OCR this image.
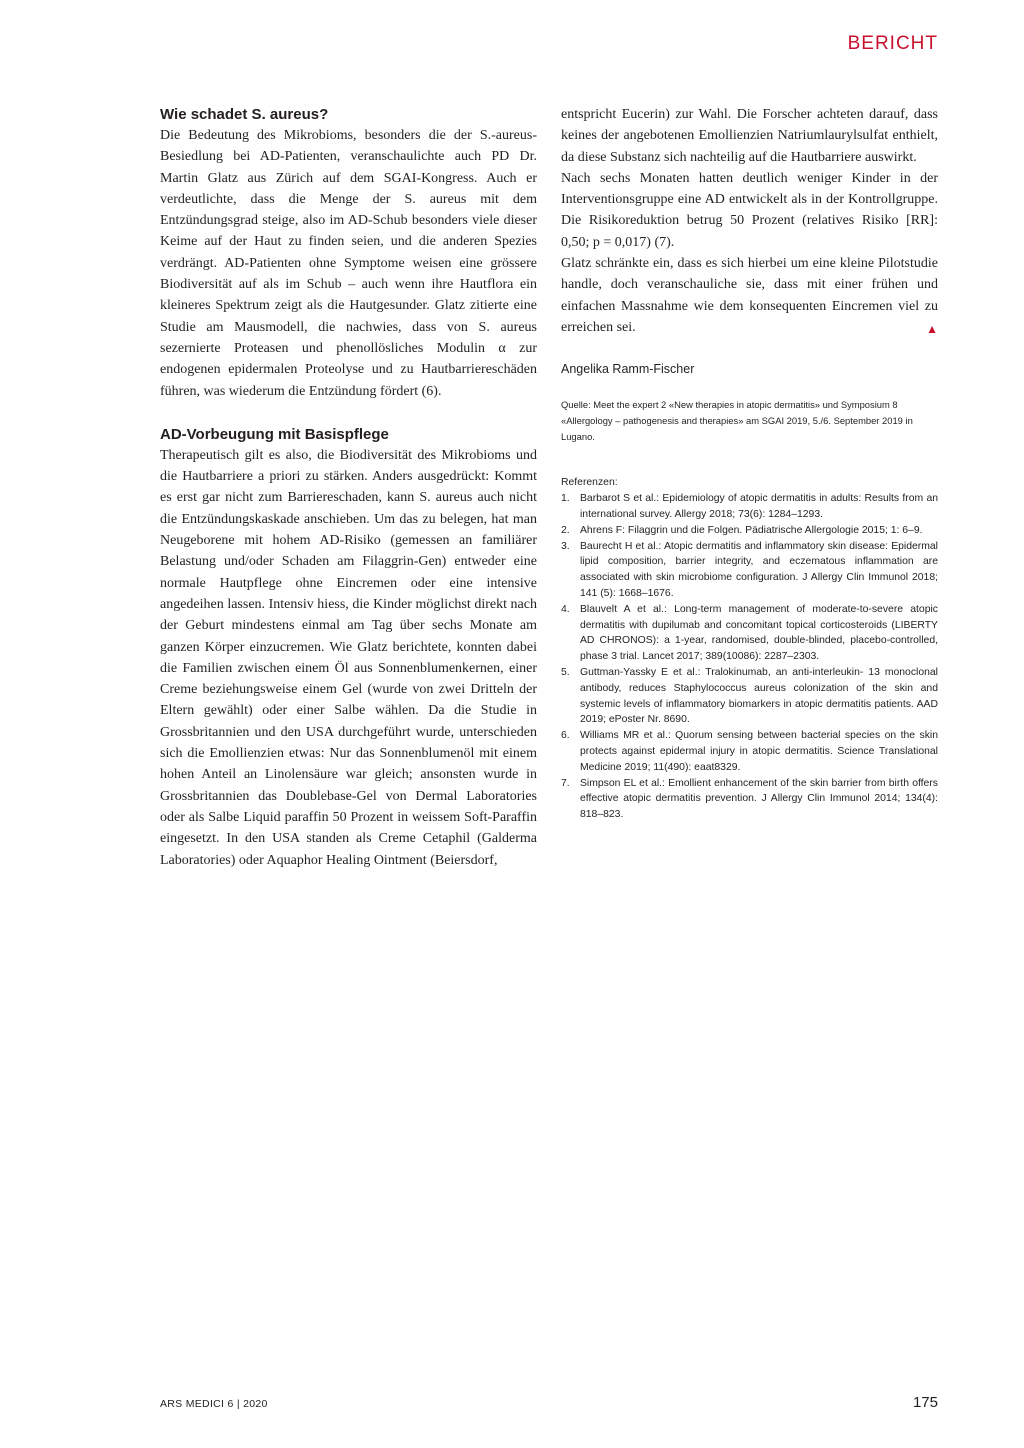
BERICHT
Wie schadet S. aureus?

Die Bedeutung des Mikrobioms, besonders die der S.-aureus-Besiedlung bei AD-Patienten, veranschaulichte auch PD Dr. Martin Glatz aus Zürich auf dem SGAI-Kongress. Auch er verdeutlichte, dass die Menge der S. aureus mit dem Entzündungsgrad steige, also im AD-Schub besonders viele dieser Keime auf der Haut zu finden seien, und die anderen Spezies verdrängt. AD-Patienten ohne Symptome weisen eine grössere Biodiversität auf als im Schub – auch wenn ihre Hautflora ein kleineres Spektrum zeigt als die Hautgesunder. Glatz zitierte eine Studie am Mausmodell, die nachwies, dass von S. aureus sezernierte Proteasen und phenollösliches Modulin α zur endogenen epidermalen Proteolyse und zu Hautbarriereschäden führen, was wiederum die Entzündung fördert (6).

AD-Vorbeugung mit Basispflege

Therapeutisch gilt es also, die Biodiversität des Mikrobioms und die Hautbarriere a priori zu stärken. Anders ausgedrückt: Kommt es erst gar nicht zum Barriereschaden, kann S. aureus auch nicht die Entzündungskaskade anschieben. Um das zu belegen, hat man Neugeborene mit hohem AD-Risiko (gemessen an familiärer Belastung und/oder Schaden am Filaggrin-Gen) entweder eine normale Hautpflege ohne Eincremen oder eine intensive angedeihen lassen. Intensiv hiess, die Kinder möglichst direkt nach der Geburt mindestens einmal am Tag über sechs Monate am ganzen Körper einzucremen. Wie Glatz berichtete, konnten dabei die Familien zwischen einem Öl aus Sonnenblumenkernen, einer Creme beziehungsweise einem Gel (wurde von zwei Dritteln der Eltern gewählt) oder einer Salbe wählen. Da die Studie in Grossbritannien und den USA durchgeführt wurde, unterschieden sich die Emollienzien etwas: Nur das Sonnenblumenöl mit einem hohen Anteil an Linolensäure war gleich; ansonsten wurde in Grossbritannien das Doublebase-Gel von Dermal Laboratories oder als Salbe Liquid paraffin 50 Prozent in weissem Soft-Paraffin eingesetzt. In den USA standen als Creme Cetaphil (Galderma Laboratories) oder Aquaphor Healing Ointment (Beiersdorf,

entspricht Eucerin) zur Wahl. Die Forscher achteten darauf, dass keines der angebotenen Emollienzien Natriumlaurylsulfat enthielt, da diese Substanz sich nachteilig auf die Hautbarriere auswirkt.

Nach sechs Monaten hatten deutlich weniger Kinder in der Interventionsgruppe eine AD entwickelt als in der Kontrollgruppe. Die Risikoreduktion betrug 50 Prozent (relatives Risiko [RR]: 0,50; p = 0,017) (7).

Glatz schränkte ein, dass es sich hierbei um eine kleine Pilotstudie handle, doch veranschauliche sie, dass mit einer frühen und einfachen Massnahme wie dem konsequenten Eincremen viel zu erreichen sei.	▲

Angelika Ramm-Fischer
Quelle: Meet the expert 2 «New therapies in atopic dermatitis» und Symposium 8 «Allergology – pathogenesis and therapies» am SGAI 2019, 5./6. September 2019 in Lugano.
Referenzen:
1. Barbarot S et al.: Epidemiology of atopic dermatitis in adults: Results from an international survey. Allergy 2018; 73(6): 1284–1293.
2. Ahrens F: Filaggrin und die Folgen. Pädiatrische Allergologie 2015; 1: 6–9.
3. Baurecht H et al.: Atopic dermatitis and inflammatory skin disease: Epidermal lipid composition, barrier integrity, and eczematous inflammation are associated with skin microbiome configuration. J Allergy Clin Immunol 2018; 141 (5): 1668–1676.
4. Blauvelt A et al.: Long-term management of moderate-to-severe atopic dermatitis with dupilumab and concomitant topical corticosteroids (LIBERTY AD CHRONOS): a 1-year, randomised, double-blinded, placebo-controlled, phase 3 trial. Lancet 2017; 389(10086): 2287–2303.
5. Guttman-Yassky E et al.: Tralokinumab, an anti-interleukin- 13 monoclonal antibody, reduces Staphylococcus aureus colonization of the skin and systemic levels of inflammatory biomarkers in atopic dermatitis patients. AAD 2019; ePoster Nr. 8690.
6. Williams MR et al.: Quorum sensing between bacterial species on the skin protects against epidermal injury in atopic dermatitis. Science Translational Medicine 2019; 11(490): eaat8329.
7. Simpson EL et al.: Emollient enhancement of the skin barrier from birth offers effective atopic dermatitis prevention. J Allergy Clin Immunol 2014; 134(4): 818–823.
ARS MEDICI 6 | 2020	175
